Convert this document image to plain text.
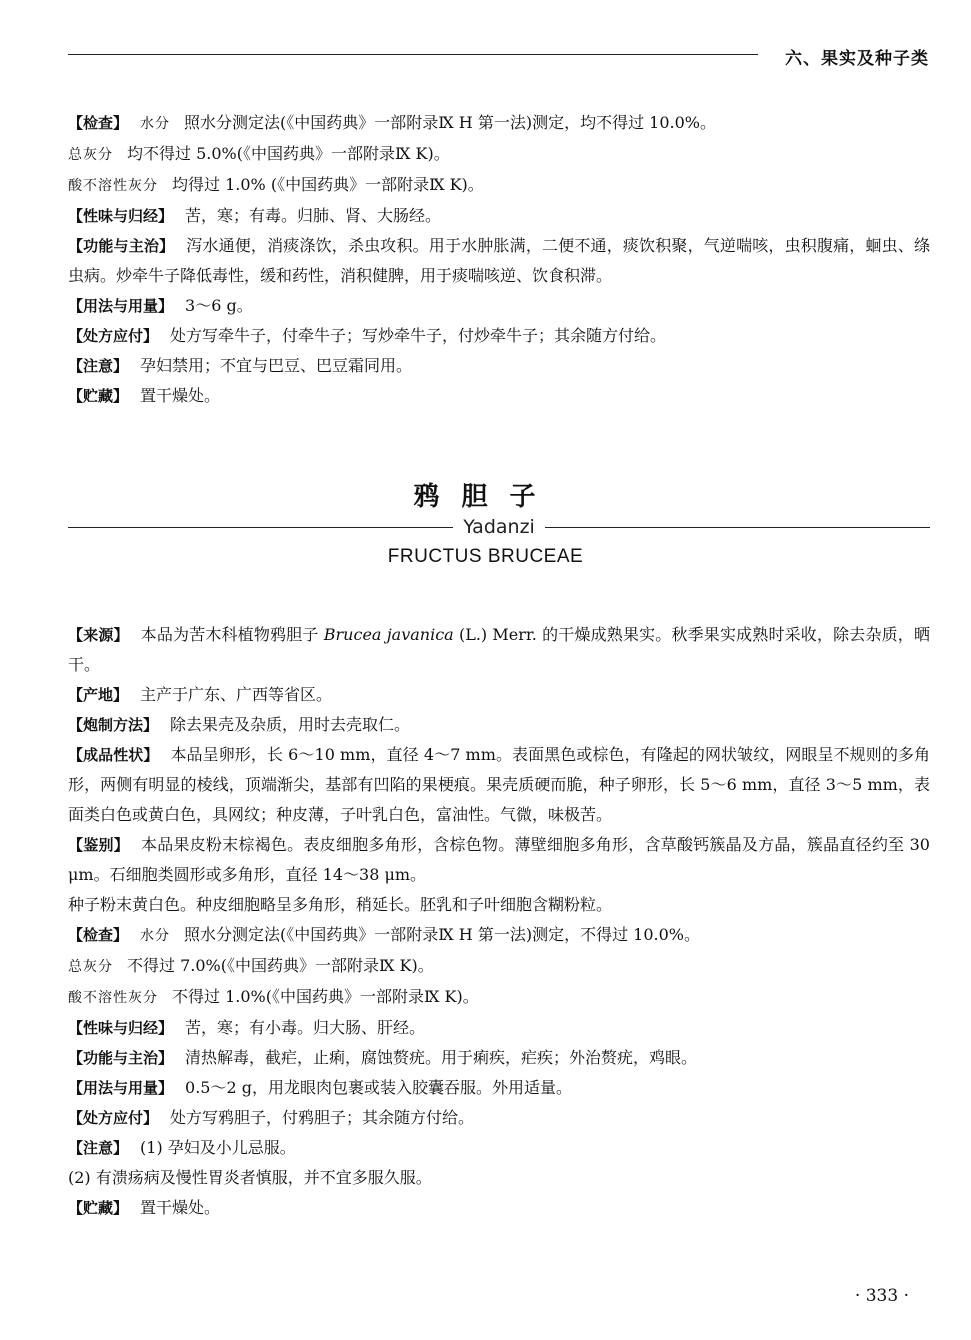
六、果实及种子类

【检查】 水分 照水分测定法(《中国药典》一部附录Ⅸ H 第一法)测定，均不得过 10.0%。

总灰分 均不得过 5.0%(《中国药典》一部附录Ⅸ K)。

酸不溶性灰分 均得过 1.0% (《中国药典》一部附录Ⅸ K)。

【性味与归经】 苦，寒；有毒。归肺、肾、大肠经。

【功能与主治】 泻水通便，消痰涤饮，杀虫攻积。用于水肿胀满，二便不通，痰饮积聚，气逆喘咳，虫积腹痛，蛔虫、绦虫病。炒牵牛子降低毒性，缓和药性，消积健脾，用于痰喘咳逆、饮食积滞。

【用法与用量】 3～6 g。

【处方应付】 处方写牵牛子，付牵牛子；写炒牵牛子，付炒牵牛子；其余随方付给。

【注意】 孕妇禁用；不宜与巴豆、巴豆霜同用。

【贮藏】 置干燥处。

鸦胆子
Yadanzi
FRUCTUS BRUCEAE

【来源】 本品为苦木科植物鸦胆子 Brucea javanica (L.) Merr. 的干燥成熟果实。秋季果实成熟时采收，除去杂质，晒干。

【产地】 主产于广东、广西等省区。

【炮制方法】 除去果壳及杂质，用时去壳取仁。

【成品性状】 本品呈卵形，长 6～10 mm，直径 4～7 mm。表面黑色或棕色，有隆起的网状皱纹，网眼呈不规则的多角形，两侧有明显的棱线，顶端渐尖，基部有凹陷的果梗痕。果壳质硬而脆，种子卵形，长 5～6 mm，直径 3～5 mm，表面类白色或黄白色，具网纹；种皮薄，子叶乳白色，富油性。气微，味极苦。

【鉴别】 本品果皮粉末棕褐色。表皮细胞多角形，含棕色物。薄壁细胞多角形，含草酸钙簇晶及方晶，簇晶直径约至 30 μm。石细胞类圆形或多角形，直径 14～38 μm。

种子粉末黄白色。种皮细胞略呈多角形，稍延长。胚乳和子叶细胞含糊粉粒。

【检查】 水分 照水分测定法(《中国药典》一部附录Ⅸ H 第一法)测定，不得过 10.0%。

总灰分 不得过 7.0%(《中国药典》一部附录Ⅸ K)。

酸不溶性灰分 不得过 1.0%(《中国药典》一部附录Ⅸ K)。

【性味与归经】 苦，寒；有小毒。归大肠、肝经。

【功能与主治】 清热解毒，截疟，止痢，腐蚀赘疣。用于痢疾，疟疾；外治赘疣，鸡眼。

【用法与用量】 0.5～2 g，用龙眼肉包裹或装入胶囊吞服。外用适量。

【处方应付】 处方写鸦胆子，付鸦胆子；其余随方付给。

【注意】 (1) 孕妇及小儿忌服。

(2) 有溃疡病及慢性胃炎者慎服，并不宜多服久服。

【贮藏】 置干燥处。

· 333 ·
